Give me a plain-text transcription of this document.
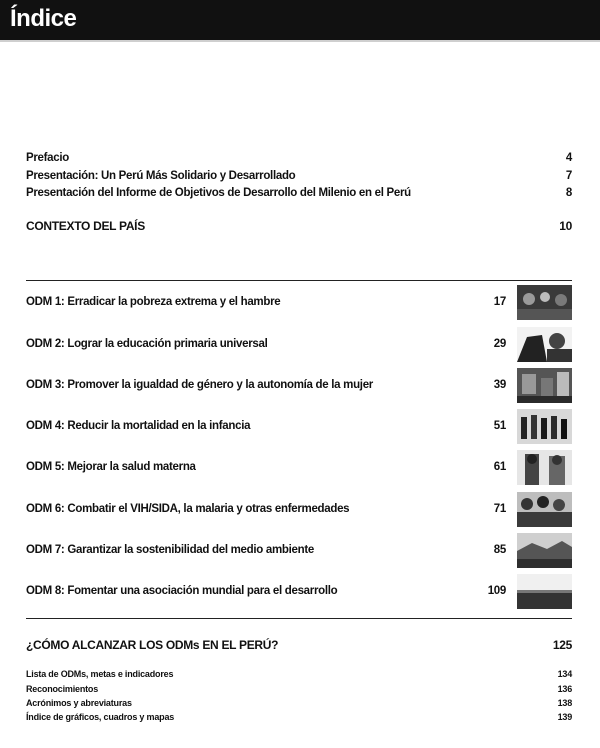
Índice
Prefacio	4
Presentación: Un Perú Más Solidario y Desarrollado	7
Presentación del Informe de Objetivos de Desarrollo del Milenio en el Perú	8
CONTEXTO DEL PAÍS	10
ODM 1: Erradicar la pobreza extrema y el hambre	17
ODM 2: Lograr la educación primaria universal	29
ODM 3: Promover la igualdad de género y la autonomía de la mujer	39
ODM 4: Reducir la mortalidad en la infancia	51
ODM 5: Mejorar la salud materna	61
ODM 6: Combatir el VIH/SIDA, la malaria y otras enfermedades	71
ODM 7: Garantizar la sostenibilidad del medio ambiente	85
ODM 8: Fomentar una asociación mundial para el desarrollo	109
¿CÓMO ALCANZAR LOS ODMs EN EL PERÚ?	125
Lista de ODMs, metas e indicadores	134
Reconocimientos	136
Acrónimos y abreviaturas	138
Índice de gráficos, cuadros y mapas	139
